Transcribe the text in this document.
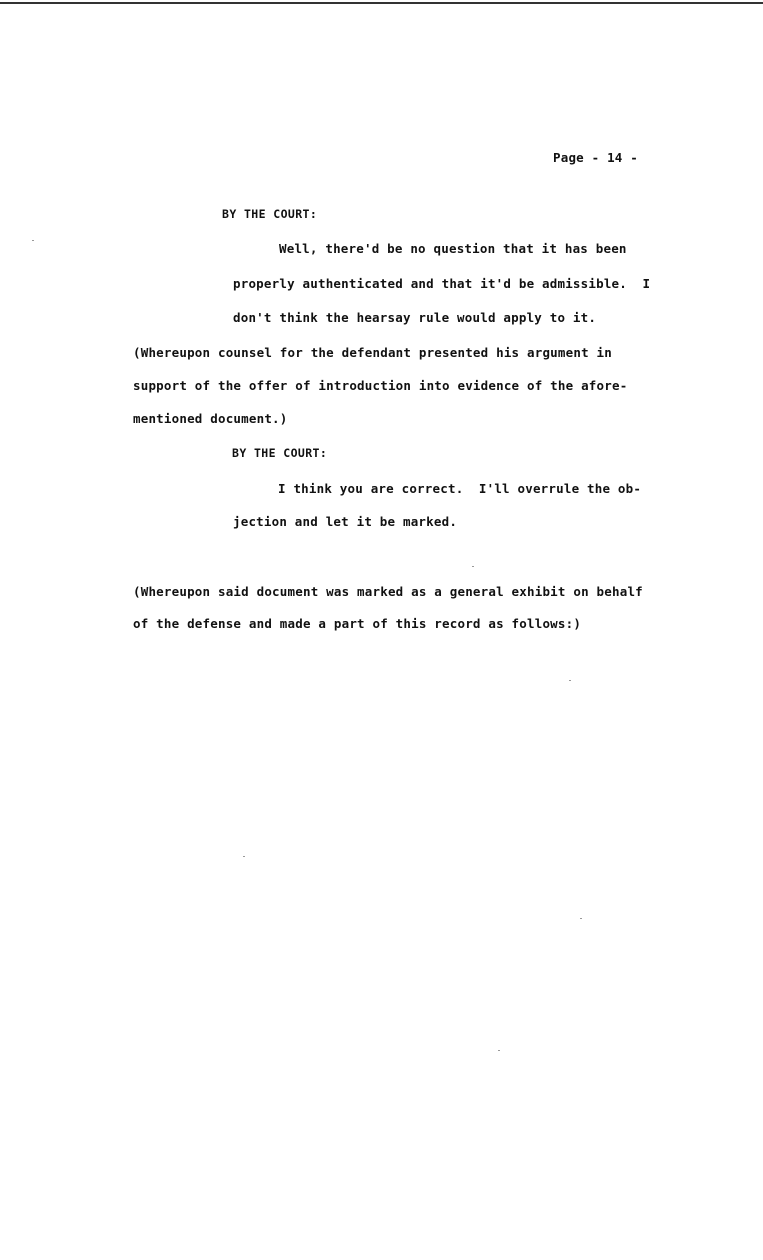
Page - 14 -
BY THE COURT:
Well, there'd be no question that it has been
properly authenticated and that it'd be admissible.  I
don't think the hearsay rule would apply to it.
(Whereupon counsel for the defendant presented his argument in
support of the offer of introduction into evidence of the afore-
mentioned document.)
BY THE COURT:
I think you are correct.  I'll overrule the ob-
jection and let it be marked.
(Whereupon said document was marked as a general exhibit on behalf
of the defense and made a part of this record as follows:)
